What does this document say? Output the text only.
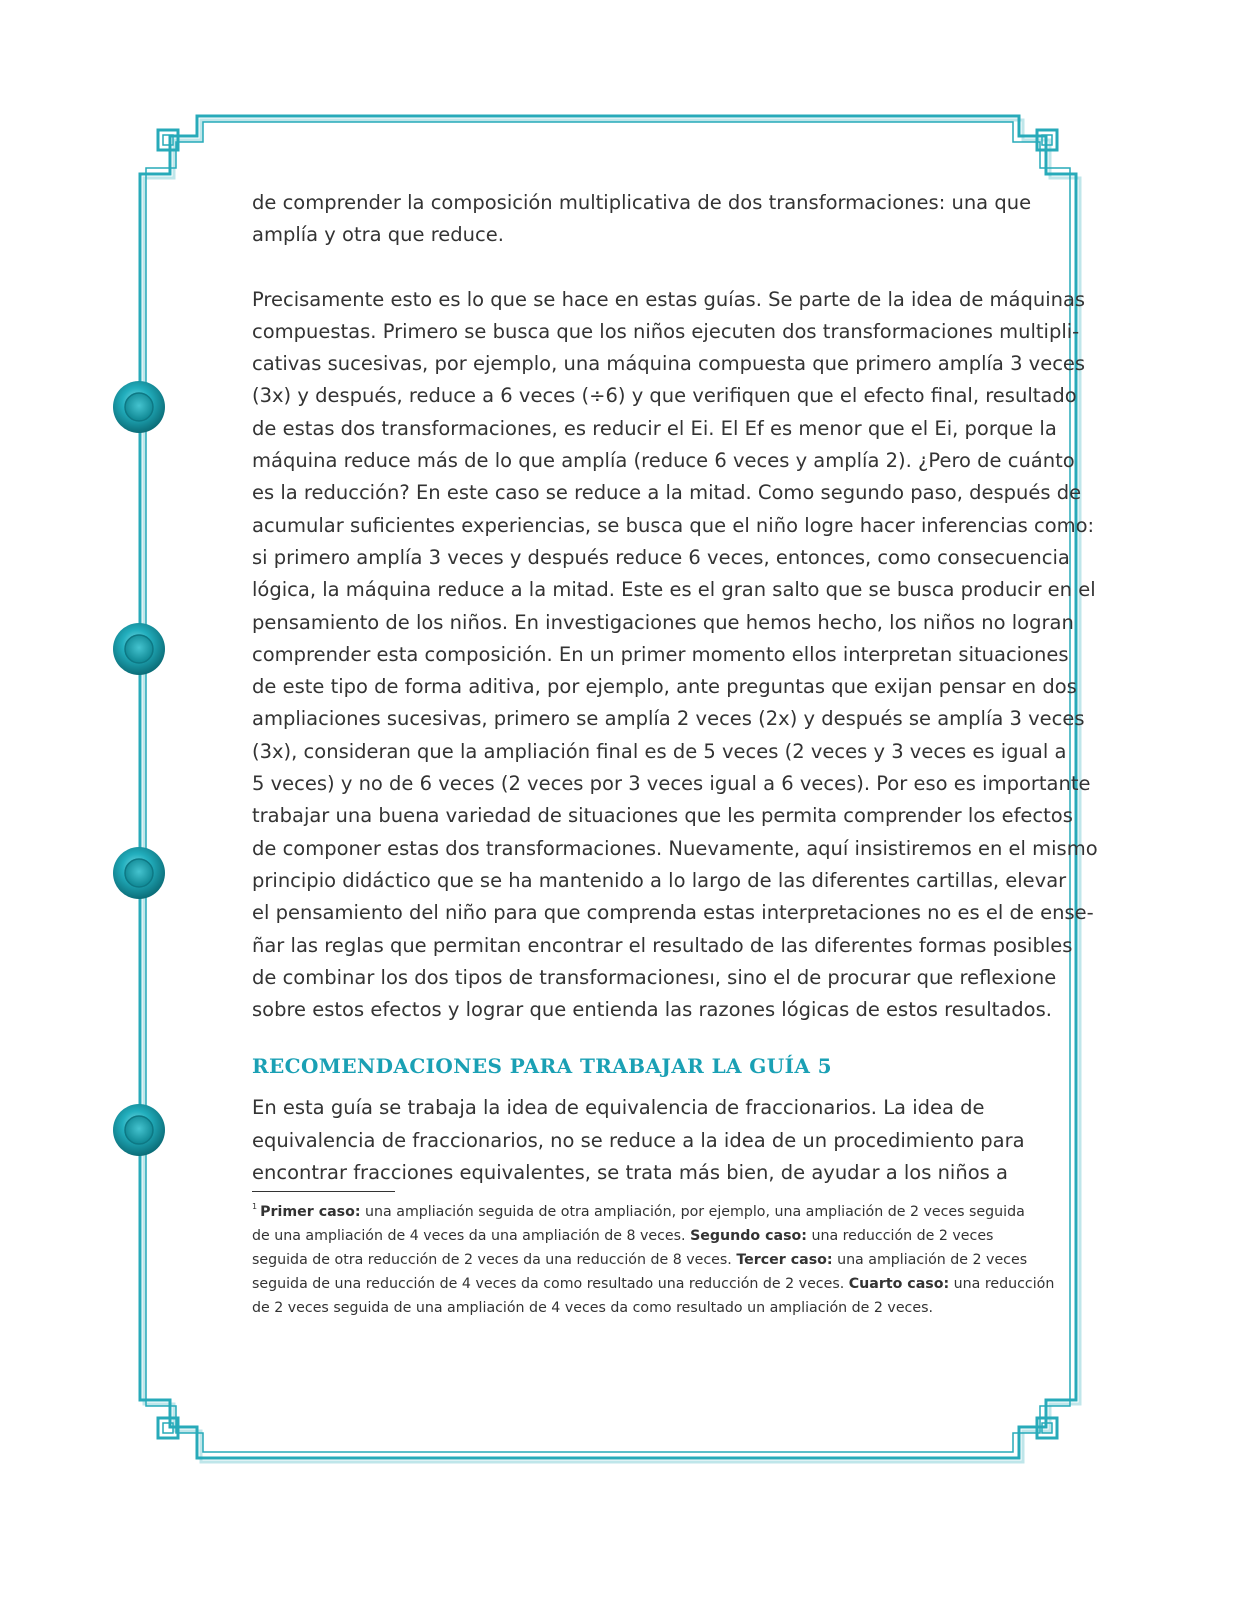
de comprender la composición multiplicativa de dos transformaciones: una que
amplía y otra que reduce.

Precisamente esto es lo que se hace en estas guías. Se parte de la idea de máquinas
compuestas. Primero se busca que los niños ejecuten dos transformaciones multipli-
cativas sucesivas, por ejemplo, una máquina compuesta que primero amplía 3 veces
(3x) y después, reduce a 6 veces (÷6) y que verifiquen que el efecto final, resultado
de estas dos transformaciones, es reducir el Ei. El Ef es menor que el Ei, porque la
máquina reduce más de lo que amplía (reduce 6 veces y amplía 2). ¿Pero de cuánto
es la reducción? En este caso se reduce a la mitad. Como segundo paso, después de
acumular suficientes experiencias, se busca que el niño logre hacer inferencias como:
si primero amplía 3 veces y después reduce 6 veces, entonces, como consecuencia
lógica, la máquina reduce a la mitad. Este es el gran salto que se busca producir en el
pensamiento de los niños. En investigaciones que hemos hecho, los niños no logran
comprender esta composición. En un primer momento ellos interpretan situaciones
de este tipo de forma aditiva, por ejemplo, ante preguntas que exijan pensar en dos
ampliaciones sucesivas, primero se amplía 2 veces (2x) y después se amplía 3 veces
(3x), consideran que la ampliación final es de 5 veces (2 veces y 3 veces es igual a
5 veces) y no de 6 veces (2 veces por 3 veces igual a 6 veces). Por eso es importante
trabajar una buena variedad de situaciones que les permita comprender los efectos
de componer estas dos transformaciones. Nuevamente, aquí insistiremos en el mismo
principio didáctico que se ha mantenido a lo largo de las diferentes cartillas, elevar
el pensamiento del niño para que comprenda estas interpretaciones no es el de ense-
ñar las reglas que permitan encontrar el resultado de las diferentes formas posibles
de combinar los dos tipos de transformacionesı, sino el de procurar que reflexione
sobre estos efectos y lograr que entienda las razones lógicas de estos resultados.

RECOMENDACIONES PARA TRABAJAR LA GUÍA 5

En esta guía se trabaja la idea de equivalencia de fraccionarios. La idea de
equivalencia de fraccionarios, no se reduce a la idea de un procedimiento para
encontrar fracciones equivalentes, se trata más bien, de ayudar a los niños a

$^1$ Primer caso: una ampliación seguida de otra ampliación, por ejemplo, una ampliación de 2 veces seguida
de una ampliación de 4 veces da una ampliación de 8 veces. Segundo caso: una reducción de 2 veces
seguida de otra reducción de 2 veces da una reducción de 8 veces. Tercer caso: una ampliación de 2 veces
seguida de una reducción de 4 veces da como resultado una reducción de 2 veces. Cuarto caso: una reducción
de 2 veces seguida de una ampliación de 4 veces da como resultado un ampliación de 2 veces.
